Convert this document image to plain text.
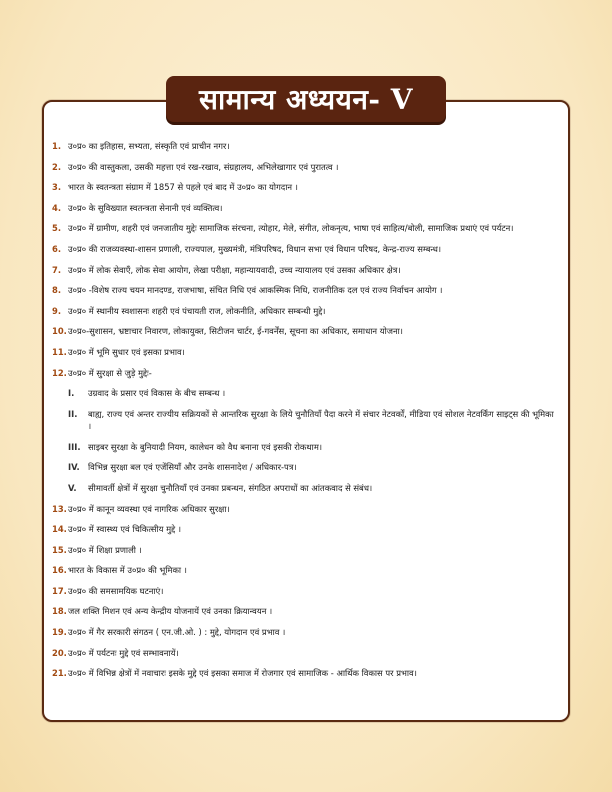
सामान्य अध्ययन- V
1. उ०प्र० का इतिहास, सभ्यता, संस्कृति एवं प्राचीन नगर।
2. उ०प्र० की वास्तुकला, उसकी महत्ता एवं रख-रखाव, संग्रहालय, अभिलेखागार एवं पुरातत्व ।
3. भारत के स्वतन्त्रता संग्राम में 1857 से पहले एवं बाद में उ०प्र० का योगदान ।
4. उ०प्र० के सुविख्यात स्वतन्त्रता सेनानी एवं व्यक्तित्व।
5. उ०प्र० में ग्रामीण, शहरी एवं जनजातीय मुद्देः सामाजिक संरचना, त्योहार, मेले, संगीत, लोकनृत्य, भाषा एवं साहित्य/बोली, सामाजिक प्रथाएं एवं पर्यटन।
6. उ०प्र० की राजव्यवस्था-शासन प्रणाली, राज्यपाल, मुख्यमंत्री, मंत्रिपरिषद, विधान सभा एवं विधान परिषद, केन्द्र-राज्य सम्बन्ध।
7. उ०प्र० में लोक सेवाएँ, लोक सेवा आयोग, लेखा परीक्षा, महान्यायवादी, उच्च न्यायालय एवं उसका अधिकार क्षेत्र।
8. उ०प्र० -विशेष राज्य चयन मानदण्ड, राजभाषा, संचित निधि एवं आकस्मिक निधि, राजनीतिक दल एवं राज्य निर्वाचन आयोग ।
9. उ०प्र० में स्थानीय स्वशासनः शहरी एवं पंचायती राज, लोकनीति, अधिकार सम्बन्धी मुद्दे।
10. उ०प्र०-सुशासन, भ्रष्टाचार निवारण, लोकायुक्त, सिटीजन चार्टर, ई-गवर्नेंस, सूचना का अधिकार, समाधान योजना।
11. उ०प्र० में भूमि सुधार एवं इसका प्रभाव।
12. उ०प्र० में सुरक्षा से जुड़े मुद्देः-
I.	उग्रवाद के प्रसार एवं विकास के बीच सम्बन्ध ।
II.	बाह्य, राज्य एवं अन्तर राज्यीय सक्रियकों से आन्तरिक सुरक्षा के लिये चुनौतियाँ पैदा करने में संचार नेटवर्कों, मीडिया एवं सोशल नेटवर्किंग साइट्स की भूमिका ।
III. साइबर सुरक्षा के बुनियादी नियम, कालेधन को वैध बनाना एवं इसकी रोकथाम।
IV. विभिन्न सुरक्षा बल एवं एजेंसियाँ और उनके शासनादेश / अधिकार-पत्र।
V.	सीमावर्ती क्षेत्रों में सुरक्षा चुनौतियाँ एवं उनका प्रबन्धन, संगठित अपराधों का आंतकवाद से संबंध।
13. उ०प्र० में कानून व्यवस्था एवं नागरिक अधिकार सुरक्षा।
14. उ०प्र० में स्वास्थ्य एवं चिकित्सीय मुद्दे ।
15. उ०प्र० में शिक्षा प्रणाली ।
16. भारत के विकास में उ०प्र० की भूमिका ।
17. उ०प्र० की समसामयिक घटनाएं।
18. जल शक्ति मिशन एवं अन्य केन्द्रीय योजनायें एवं उनका क्रियान्वयन ।
19. उ०प्र० में गैर सरकारी संगठन ( एन.जी.ओ. ) : मुद्दे, योगदान एवं प्रभाव ।
20. उ०प्र० में पर्यटनः मुद्दे एवं सम्भावनायें।
21. उ०प्र० में विभिन्न क्षेत्रों में नवाचारः इसके मुद्दे एवं इसका समाज में रोजगार एवं सामाजिक - आर्थिक विकास पर प्रभाव।
